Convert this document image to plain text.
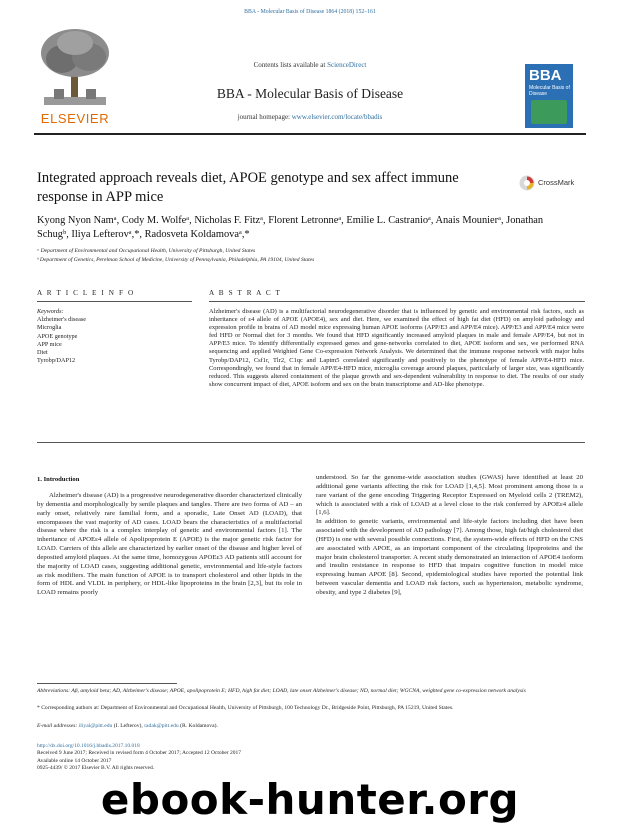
BBA - Molecular Basis of Disease 1864 (2018) 152–161
ELSEVIER
Contents lists available at ScienceDirect
BBA - Molecular Basis of Disease
journal homepage: www.elsevier.com/locate/bbadis
BBA
Molecular Basis of Disease
Integrated approach reveals diet, APOE genotype and sex affect immune response in APP mice
CrossMark
Kyong Nyon Namᵃ, Cody M. Wolfeᵃ, Nicholas F. Fitzᵃ, Florent Letronneᵃ, Emilie L. Castranioᵃ, Anais Mounierᵃ, Jonathan Schugᵇ, Iliya Lefterovᵃ,*, Radosveta Koldamovaᵃ,*
ᵃ Department of Environmental and Occupational Health, University of Pittsburgh, United States
ᵇ Department of Genetics, Perelman School of Medicine, University of Pennsylvania, Philadelphia, PA 19104, United States
A R T I C L E I N F O	A B S T R A C T
Keywords:
Alzheimer's disease
Microglia
APOE genotype
APP mice
Diet
Tyrobp/DAP12
Alzheimer's disease (AD) is a multifactorial neurodegenerative disorder that is influenced by genetic and environmental risk factors, such as inheritance of ε4 allele of APOE (APOE4), sex and diet. Here, we examined the effect of high fat diet (HFD) on amyloid pathology and expression profile in brains of AD model mice expressing human APOE isoforms (APP/E3 and APP/E4 mice). APP/E3 and APP/E4 mice were fed HFD or Normal diet for 3 months. We found that HFD significantly increased amyloid plaques in male and female APP/E4, but not in APP/E3 mice. To identify differentially expressed genes and gene-networks correlated to diet, APOE isoform and sex, we performed RNA sequencing and applied Weighted Gene Co-expression Network Analysis. We determined that the immune response network with major hubs Tyrobp/DAP12, Csf1r, Tlr2, C1qc and Laptm5 correlated significantly and positively to the phenotype of female APP/E4-HFD mice. Correspondingly, we found that in female APP/E4-HFD mice, microglia coverage around plaques, particularly of larger size, was significantly reduced. This suggests altered containment of the plaque growth and sex-dependent vulnerability in response to diet. The results of our study show concurrent impact of diet, APOE isoform and sex on the brain transcriptome and AD-like phenotype.
1. Introduction
Alzheimer's disease (AD) is a progressive neurodegenerative disorder characterized clinically by dementia and morphologically by senile plaques and tangles. There are two forms of AD – an early onset, relatively rare familial form, and a sporadic, Late Onset AD (LOAD), that encompasses the vast majority of AD cases. LOAD bears the characteristics of a multifactorial disease where the risk is a complex interplay of genetic and environmental factors [1]. The inheritance of APOEε4 allele of Apolipoprotein E (APOE) is the major genetic risk factor for LOAD. Carriers of this allele are characterized by earlier onset of the disease and higher level of deposited amyloid plaques. At the same time, homozygous APOEε3 AD patients still account for the majority of LOAD cases, suggesting additional genetic, environmental and life-style factors as risk modifiers. The main function of APOE is to transport cholesterol and other lipids in the form of HDL and VLDL in periphery, or HDL-like lipoproteins in the brain [2,3], but its role in LOAD remains poorly

understood. So far the genome-wide association studies (GWAS) have identified at least 20 additional gene variants affecting the risk for LOAD [1,4,5]. Most prominent among those is a rare variant of the gene encoding Triggering Receptor Expressed on Myeloid cells 2 (TREM2), which is associated with a risk of LOAD at a level close to the risk conferred by APOEε4 allele [1,6].

In addition to genetic variants, environmental and life-style factors including diet have been associated with the development of AD pathology [7]. Among those, high fat/high cholesterol diet (HFD) is one with several possible connections. First, the system-wide effects of HFD on the CNS are associated with APOE, as an important component of the circulating lipoproteins and the major brain cholesterol transporter. A recent study demonstrated an interaction of APOE4 isoform and insulin resistance in response to HFD that impairs cognitive function in model mice expressing human APOE [8]. Second, epidemiological studies have reported the potential link between vascular dementia and LOAD risk factors, such as hypertension, metabolic syndrome, obesity, and type 2 diabetes [9],

Abbreviations: Aβ, amyloid beta; AD, Alzheimer's disease; APOE, apolipoprotein E; HFD, high fat diet; LOAD, late onset Alzheimer's disease; ND, normal diet; WGCNA, weighted gene co-expression network analysis
* Corresponding authors at: Department of Environmental and Occupational Health, University of Pittsburgh, 100 Technology Dr., Bridgeside Point, Pittsburgh, PA 15219, United States.
E-mail addresses: iliyal@pitt.edu (I. Lefterov), radak@pitt.edu (R. Koldamova).
http://dx.doi.org/10.1016/j.bbadis.2017.10.018
Received 9 June 2017; Received in revised form 4 October 2017; Accepted 12 October 2017
Available online 14 October 2017
0925-4439/ © 2017 Elsevier B.V. All rights reserved.
ebook-hunter.org
